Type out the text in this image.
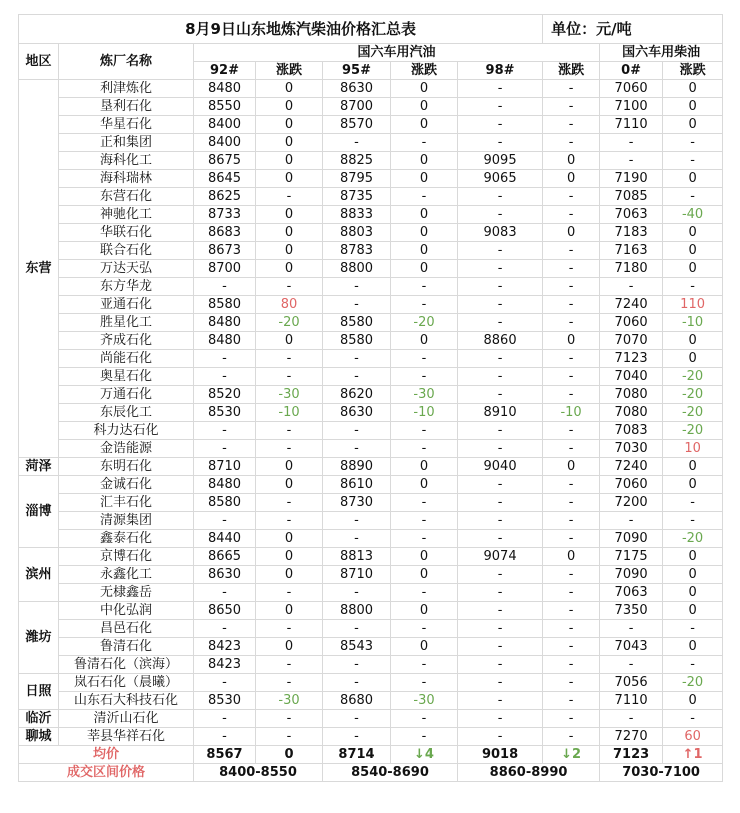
8月9日山东地炼汽柴油价格汇总表							单位：元/吨		
地区	炼厂名称	国六车用汽油						国六车用柴油	
		92#	涨跌	95#	涨跌	98#	涨跌	0#	涨跌
东营	利津炼化	8480	0	8630	0	-	-	7060	0
	垦利石化	8550	0	8700	0	-	-	7100	0
	华星石化	8400	0	8570	0	-	-	7110	0
	正和集团	8400	0	-	-	-	-	-	-
	海科化工	8675	0	8825	0	9095	0	-	-
	海科瑞林	8645	0	8795	0	9065	0	7190	0
	东营石化	8625	-	8735	-	-	-	7085	-
	神驰化工	8733	0	8833	0	-	-	7063	-40
	华联石化	8683	0	8803	0	9083	0	7183	0
	联合石化	8673	0	8783	0	-	-	7163	0
	万达天弘	8700	0	8800	0	-	-	7180	0
	东方华龙	-	-	-	-	-	-	-	-
	亚通石化	8580	80	-	-	-	-	7240	110
	胜星化工	8480	-20	8580	-20	-	-	7060	-10
	齐成石化	8480	0	8580	0	8860	0	7070	0
	尚能石化	-	-	-	-	-	-	7123	0
	奥星石化	-	-	-	-	-	-	7040	-20
	万通石化	8520	-30	8620	-30	-	-	7080	-20
	东辰化工	8530	-10	8630	-10	8910	-10	7080	-20
	科力达石化	-	-	-	-	-	-	7083	-20
	金诰能源	-	-	-	-	-	-	7030	10
菏泽	东明石化	8710	0	8890	0	9040	0	7240	0
淄博	金诚石化	8480	0	8610	0	-	-	7060	0
	汇丰石化	8580	-	8730	-	-	-	7200	-
	清源集团	-	-	-	-	-	-	-	-
	鑫泰石化	8440	0	-	-	-	-	7090	-20
滨州	京博石化	8665	0	8813	0	9074	0	7175	0
	永鑫化工	8630	0	8710	0	-	-	7090	0
	无棣鑫岳	-	-	-	-	-	-	7063	0
潍坊	中化弘润	8650	0	8800	0	-	-	7350	0
	昌邑石化	-	-	-	-	-	-	-	-
	鲁清石化	8423	0	8543	0	-	-	7043	0
	鲁清石化（滨海）	8423	-	-	-	-	-	-	-
日照	岚石石化（晨曦）	-	-	-	-	-	-	7056	-20
	山东石大科技石化	8530	-30	8680	-30	-	-	7110	0
临沂	清沂山石化	-	-	-	-	-	-	-	-
聊城	莘县华祥石化	-	-	-	-	-	-	7270	60
均价		8567	0	8714	↓4	9018	↓2	7123	↑1
成交区间价格		8400-8550		8540-8690		8860-8990		7030-7100	
